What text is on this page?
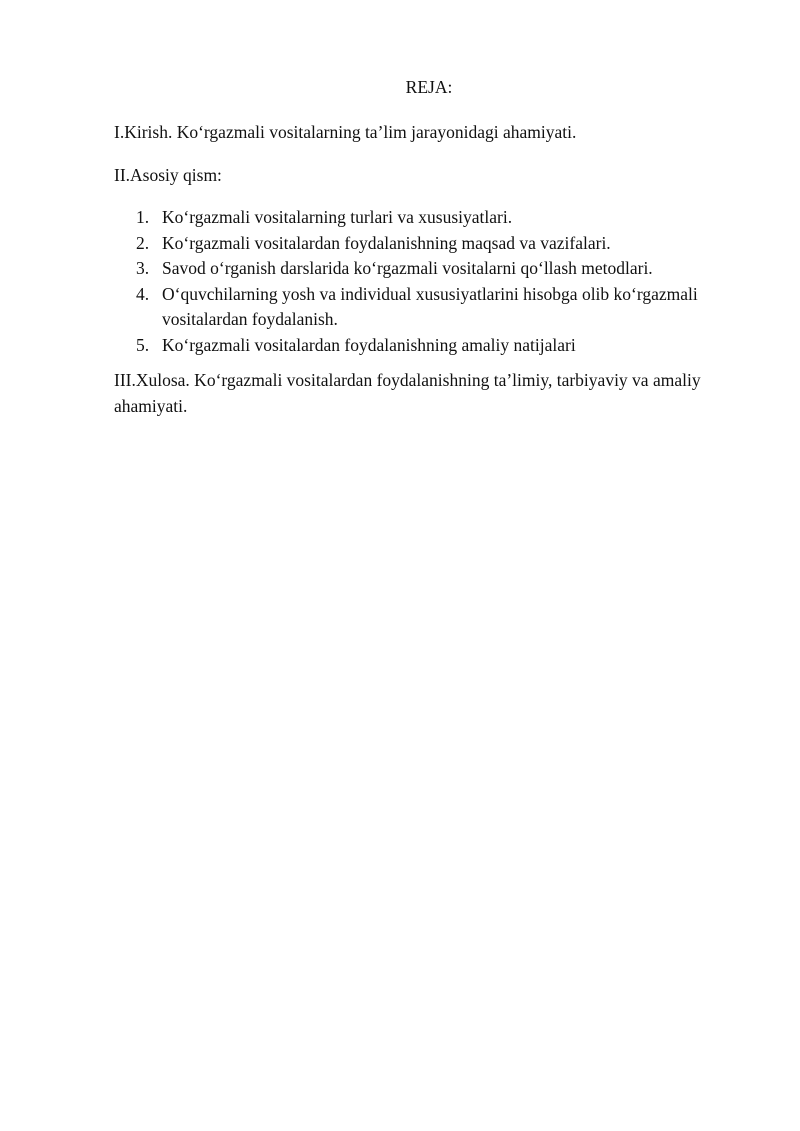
REJA:

I.Kirish. Ko‘rgazmali vositalarning ta’lim jarayonidagi ahamiyati.

II.Asosiy qism:

1. Ko‘rgazmali vositalarning turlari va xususiyatlari.
2. Ko‘rgazmali vositalardan foydalanishning maqsad va vazifalari.
3. Savod o‘rganish darslarida ko‘rgazmali vositalarni qo‘llash metodlari.
4. O‘quvchilarning yosh va individual xususiyatlarini hisobga olib ko‘rgazmali vositalardan foydalanish.
5. Ko‘rgazmali vositalardan foydalanishning amaliy natijalari

III.Xulosa. Ko‘rgazmali vositalardan foydalanishning ta’limiy, tarbiyaviy va amaliy ahamiyati.
